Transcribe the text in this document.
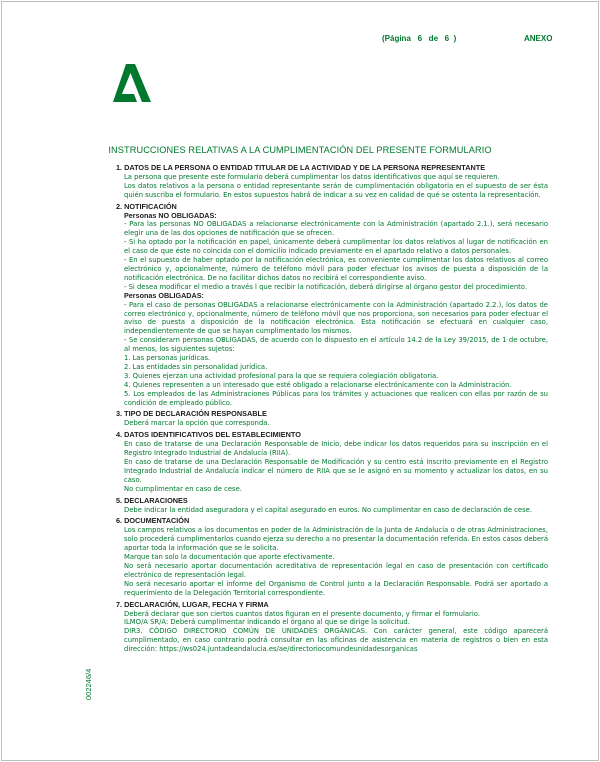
(Página   6   de   6  )	ANEXO
INSTRUCCIONES RELATIVAS A LA CUMPLIMENTACIÓN DEL PRESENTE FORMULARIO
1. DATOS DE LA PERSONA O ENTIDAD TITULAR DE LA ACTIVIDAD Y DE LA PERSONA REPRESENTANTE
La persona que presente este formulario deberá cumplimentar los datos identificativos que aquí se requieren.
Los datos relativos a la persona o entidad representante serán de cumplimentación obligatoria en el supuesto de ser ésta quién suscriba el formulario. En estos supuestos habrá de indicar a su vez en calidad de qué se ostenta la representación.
2. NOTIFICACIÓN
Personas NO OBLIGADAS:
- Para las personas NO OBLIGADAS a relacionarse electrónicamente con la Administración (apartado 2.1.), será necesario elegir una de las dos opciones de notificación que se ofrecen.
- Si ha optado por la notificación en papel, únicamente deberá cumplimentar los datos relativos al lugar de notificación en el caso de que éste no coincida con el domicilio indicado previamente en el apartado relativo a datos personales.
- En el supuesto de haber optado por la notificación electrónica, es conveniente cumplimentar los datos relativos al correo electrónico y, opcionalmente, número de teléfono móvil para poder efectuar los avisos de puesta a disposición de la notificación electrónica. De no facilitar dichos datos no recibirá el correspondiente aviso.
- Si desea modificar el medio a través l que recibir la notificación, deberá dirigirse al órgano gestor del procedimiento.
Personas OBLIGADAS:
- Para el caso de personas OBLIGADAS a relacionarse electrónicamente con la Administración (apartado 2.2.), los datos de correo electrónico y, opcionalmente, número de teléfono móvil que nos proporciona, son necesarios para poder efectuar el aviso de puesta a disposición de la notificación electrónica. Esta notificación se efectuará en cualquier caso, independientemente de que se hayan cumplimentado los mismos.
- Se considerarn personas OBLIGADAS, de acuerdo con lo dispuesto en el artículo 14.2 de la Ley 39/2015, de 1 de octubre, al menos, los siguientes sujetos:
1. Las personas jurídicas.
2. Las entidades sin personalidad jurídica.
3. Quienes ejerzan una actividad profesional para la que se requiera colegiación obligatoria.
4. Quienes representen a un interesado que esté obligado a relacionarse electrónicamente con la Administración.
5. Los empleados de las Administraciones Públicas para los trámites y actuaciones que realicen con ellas por razón de su condición de empleado público.
3. TIPO DE DECLARACIÓN RESPONSABLE
Deberá marcar la opción que corresponda.
4. DATOS IDENTIFICATIVOS DEL ESTABLECIMIENTO
En caso de tratarse de una Declaración Responsable de Inicio, debe indicar los datos requeridos para su inscripción en el Registro Integrado Industrial de Andalucía (RIIA).
En caso de tratarse de una Declaración Responsable de Modificación y su centro está inscrito previamente en el Registro Integrado Industrial de Andalucía indicar el número de RIIA que se le asignó en su momento y actualizar los datos, en su caso.
No cumplimentar en caso de cese.
5. DECLARACIONES
Debe indicar la entidad aseguradora y el capital asegurado en euros. No cumplimentar en caso de declaración de cese.
6. DOCUMENTACIÓN
Los campos relativos a los documentos en poder de la Administración de la Junta de Andalucía o de otras Administraciones, solo procederá cumplimentarlos cuando ejerza su derecho a no presentar la documentación referida. En estos casos deberá aportar toda la información que se le solicita.
Marque tan solo la documentación que aporte efectivamente.
No será necesario aportar documentación acreditativa de representación legal en caso de presentación con certificado electrónico de representación legal.
No será necesario aportar el informe del Organismo de Control junto a la Declaración Responsable. Podrá ser aportado a requerimiento de la Delegación Territorial correspondiente.
7. DECLARACIÓN, LUGAR, FECHA Y FIRMA
Deberá declarar que son ciertos cuantos datos figuran en el presente documento, y firmar el formulario.
ILMO/A SR/A: Deberá cumplimentar indicando el órgano al que se dirige la solicitud.
DIR3. CÓDIGO DIRECTORIO COMÚN DE UNIDADES ORGÁNICAS. Con carácter general, este código aparecerá cumplimentado, en caso contrario podrá consultar en las oficinas de asistencia en materia de registros o bien en esta dirección: https://ws024.juntadeandalucia.es/ae/directoriocomundeunidadesorganicas
002246/4
